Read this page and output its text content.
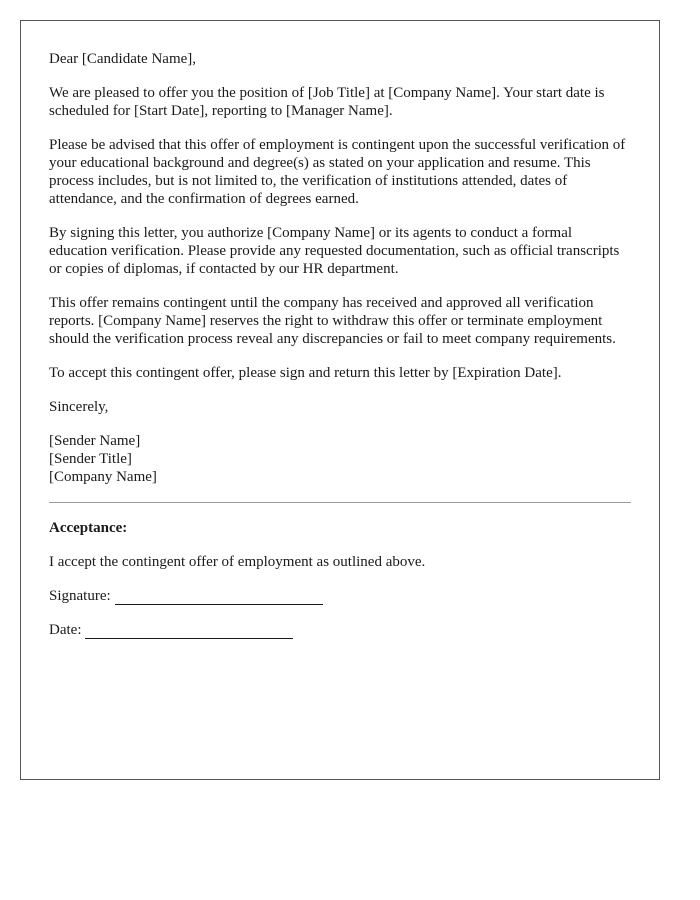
Dear [Candidate Name],

We are pleased to offer you the position of [Job Title] at [Company Name]. Your start date is scheduled for [Start Date], reporting to [Manager Name].

Please be advised that this offer of employment is contingent upon the successful verification of your educational background and degree(s) as stated on your application and resume. This process includes, but is not limited to, the verification of institutions attended, dates of attendance, and the confirmation of degrees earned.

By signing this letter, you authorize [Company Name] or its agents to conduct a formal education verification. Please provide any requested documentation, such as official transcripts or copies of diplomas, if contacted by our HR department.

This offer remains contingent until the company has received and approved all verification reports. [Company Name] reserves the right to withdraw this offer or terminate employment should the verification process reveal any discrepancies or fail to meet company requirements.

To accept this contingent offer, please sign and return this letter by [Expiration Date].

Sincerely,

[Sender Name]
[Sender Title]
[Company Name]
Acceptance:

I accept the contingent offer of employment as outlined above.

Signature:
Date:
